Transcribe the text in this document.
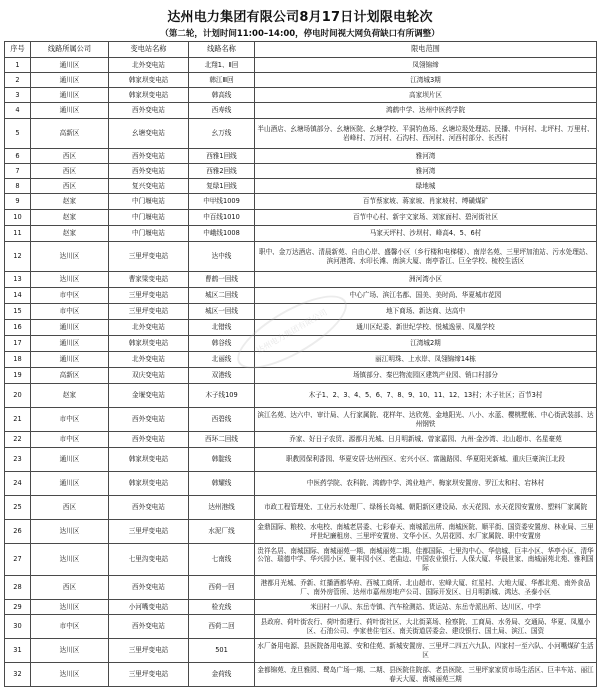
达州电力集团有限公司8月17日计划限电轮次
（第二轮，计划时间11:00–14:00，停电时间视大网负荷缺口有所调整）
序号	线路所属公司	变电站名称	线路名称	限电范围
1	通川区	北外变电站	北翔1、Ⅱ回	凤翎锦缔
2	通川区	韩家坝变电站	韩江Ⅲ回	江湾城3期
3	通川区	韩家坝变电站	韩高线	高家坝片区
4	通川区	西外变电站	西寿线	鸿鹤中学、达州中医药学院
5	高新区	幺塘变电站	幺万线	半山酒店、幺塘场镇部分、幺塘医院、幺塘学校、平洞钓鱼场、幺塘垃圾处理站、民播、中河村、北坪村、万里村、岩峰村、万河村、石沟村、西河村、河西村部分、长西村
6	西区	西外变电站	西雅1回线	雅河湾
7	西区	西外变电站	西雅2回线	雅河湾
8	西区	复兴变电站	复绿1回线	绿地城
9	赵家	中门堰电站	中甲线1009	百节蔡家坡、蒋家坡、肖家坡村、缚磺煤矿
10	赵家	中门堰电站	中百线1010	百节中心村、新宇文家场、刘家面村、碧河街社区
11	赵家	中门堰电站	中峨线1008	马家天坪村、沙坝村、峰高4、5、6村
12	达川区	三里坪变电站	达中线	职中、金万达酒店、清晨新苑、自由心岸、盛馨小区（乡行楼和电梯楼）、南岸名苑、三里坪加油站、污水处理站、滨河港湾、水印长滩、南滨大厦、南亭香江、巨全学校、梳校生活区
13	达川区	曹家梁变电站	曹鹤一回线	洲河湾小区
14	市中区	三里坪变电站	城区二回线	中心广场、滨江名都、国美、美时尚、华夏城市花园
15	市中区	三里坪变电站	城区一回线	地下商场、新达商、达高中
16	通川区	北外变电站	北错线	通川区纪委、新世纪学校、悦城逸景、凤凰学校
17	通川区	韩家坝变电站	韩谷线	江湾城2期
18	通川区	北外变电站	北丽线	丽江明珠、上水岸、凤翎锦缔14栋
19	高新区	双庆变电站	双港线	场镇部分、秦巴物流园区建筑产业园、销口村部分
20	赵家	金堰变电站	木子线109	木子1、2、3、4、5、6、7、8、9、10、11、12、13村；木子社区；百节3村
21	市中区	西外变电站	西碧线	滨江名苑、达六中、审计局、人行家属院、花样年、达欣苑、金地阳光、八小、水蓝、樱桃墅帐、中心街武装部、达州钢铁
22	市中区	西外变电站	西环二回线	乔家、好日子农贸、源都月光城、日月明新城、曾家嘉园、九州·金沙湾、北山超市、名星豪苑
23	通川区	韩家坝变电站	韩靛线	职教园保利香园、华夏安居·达州西区、宏兴小区、富融路园、华夏阳光新城、重庆巨豪滨江北段
24	通川区	韩家坝变电站	韩耀线	中医药学院、农科院、鸿鹤中学、鸿业地产、梅家坝安置房、罗江太和村、宕林村
25	西区	西外变电站	达州港线	市政工程管理处、工业污水处理厂、绿杨长岛城、朝阳新区建设局、水天花园、水天花园安置房、塑料厂家属院
26	达川区	三里坪变电站	水泥厂线	金鼎国际、粮校、水电校、南城老居委、七彩春天、南城派出所、南城医院、顺平街、国资委安置房、林业局、三里坪世纪廉租房、三里坪安置房、文华小区、久居花园、水厂家属院、职中安置房
27	达川区	七里沟变电站	七南线	贵祥名居、南城国际、南城丽苑一期、南城丽苑二期、佳都国际、七里沟中心、华信城、巨丰小区、华亭小区、清华公馆、瑞德中学、华兴园小区、聚丰园小区、老曲边、中国农业银行、人保大厦、华晨世家、南城丽苑北苑、雅利国际
28	西区	西外变电站	西荷一回	港都月光城、乔新、红播酒都华府、西城工商所、北山超市、宏峰大厦、红星村、大地大厦、华都北苑、南外食品厂、南外房管所、达州市嘉州房地产公司、国际开发区、日月明新城、鸿达、圣泰小区
29	达川区	小河嘴变电站	检充线	米田村一八队、东岳寺镇、汽车检测站、货运站、东岳寺派出所、达川区、中学
30	市中区	西外变电站	西荷二回	县政府、荷叶街农行、荷叶街建行、荷叶街社区、大北街菜场、检察院、工商局、水务局、交通局、华夏、凤凰小区、石油公司、李家巷住宅区、南关街道居委会、建设银行、国土局、滨江、国资
31	达川区	三里坪变电站	501	水厂备用电源、县医院备用电源、安和佳苑、新城安置房、三里坪二四五六九队、四家村一至六队、小河嘴煤矿生活区
32	达川区	三里坪变电站	金荷线	金都锦苑、龙旦雅园、鹭岛广场一期、二期、县医院住院部、老县医院、三里坪家家贸市场生活区、巨丰车站、丽江春天大厦、南城丽苑三期
达州电力集团有限公司
